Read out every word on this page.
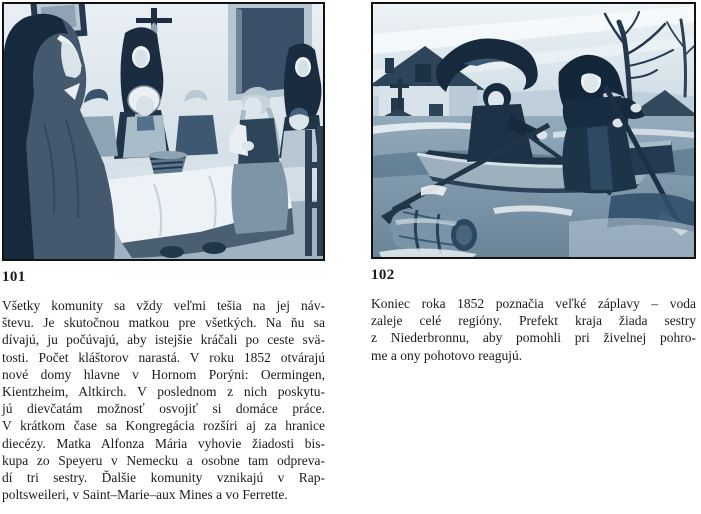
101
Všetky komunity sa vždy veľmi tešia na jej náv-
števu. Je skutočnou matkou pre všetkých. Na ňu sa
dívajú, ju počúvajú, aby istejšie kráčali po ceste svä-
tosti. Počet kláštorov narastá. V roku 1852 otvárajú
nové domy hlavne v Hornom Porýni: Oermingen,
Kientzheim, Altkirch. V poslednom z nich poskytu-
jú dievčatám možnosť osvojiť si domáce práce.
V krátkom čase sa Kongregácia rozšíri aj za hranice
diecézy. Matka Alfonza Mária vyhovie žiadosti bis-
kupa zo Speyeru v Nemecku a osobne tam odpreva-
dí tri sestry. Ďalšie komunity vznikajú v Rap-
poltsweileri, v Saint–Marie–aux Mines a vo Ferrette.
102
Koniec roka 1852 poznačia veľké záplavy – voda
zaleje celé regióny. Prefekt kraja žiada sestry
z Niederbronnu, aby pomohli pri živelnej pohro-
me a ony pohotovo reagujú.
